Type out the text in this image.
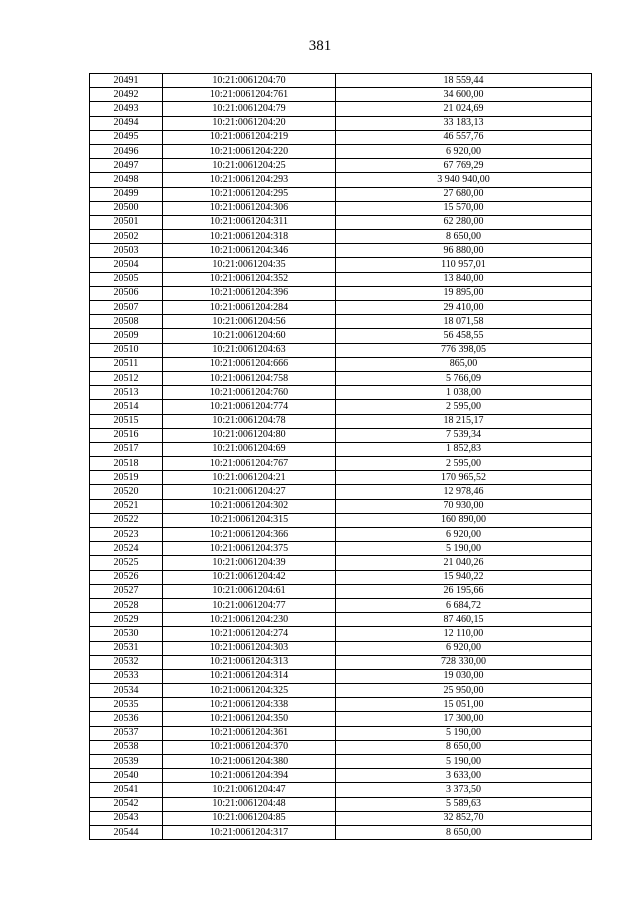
381
20491	10:21:0061204:70	18 559,44
20492	10:21:0061204:761	34 600,00
20493	10:21:0061204:79	21 024,69
20494	10:21:0061204:20	33 183,13
20495	10:21:0061204:219	46 557,76
20496	10:21:0061204:220	6 920,00
20497	10:21:0061204:25	67 769,29
20498	10:21:0061204:293	3 940 940,00
20499	10:21:0061204:295	27 680,00
20500	10:21:0061204:306	15 570,00
20501	10:21:0061204:311	62 280,00
20502	10:21:0061204:318	8 650,00
20503	10:21:0061204:346	96 880,00
20504	10:21:0061204:35	110 957,01
20505	10:21:0061204:352	13 840,00
20506	10:21:0061204:396	19 895,00
20507	10:21:0061204:284	29 410,00
20508	10:21:0061204:56	18 071,58
20509	10:21:0061204:60	56 458,55
20510	10:21:0061204:63	776 398,05
20511	10:21:0061204:666	865,00
20512	10:21:0061204:758	5 766,09
20513	10:21:0061204:760	1 038,00
20514	10:21:0061204:774	2 595,00
20515	10:21:0061204:78	18 215,17
20516	10:21:0061204:80	7 539,34
20517	10:21:0061204:69	1 852,83
20518	10:21:0061204:767	2 595,00
20519	10:21:0061204:21	170 965,52
20520	10:21:0061204:27	12 978,46
20521	10:21:0061204:302	70 930,00
20522	10:21:0061204:315	160 890,00
20523	10:21:0061204:366	6 920,00
20524	10:21:0061204:375	5 190,00
20525	10:21:0061204:39	21 040,26
20526	10:21:0061204:42	15 940,22
20527	10:21:0061204:61	26 195,66
20528	10:21:0061204:77	6 684,72
20529	10:21:0061204:230	87 460,15
20530	10:21:0061204:274	12 110,00
20531	10:21:0061204:303	6 920,00
20532	10:21:0061204:313	728 330,00
20533	10:21:0061204:314	19 030,00
20534	10:21:0061204:325	25 950,00
20535	10:21:0061204:338	15 051,00
20536	10:21:0061204:350	17 300,00
20537	10:21:0061204:361	5 190,00
20538	10:21:0061204:370	8 650,00
20539	10:21:0061204:380	5 190,00
20540	10:21:0061204:394	3 633,00
20541	10:21:0061204:47	3 373,50
20542	10:21:0061204:48	5 589,63
20543	10:21:0061204:85	32 852,70
20544	10:21:0061204:317	8 650,00
